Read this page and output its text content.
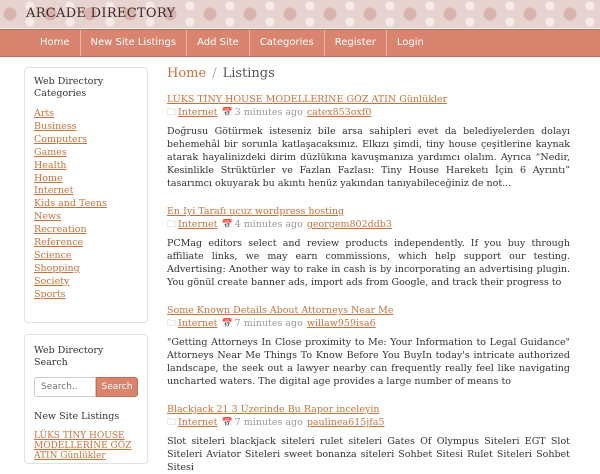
ARCADE DIRECTORY
Home	New Site Listings	Add Site	Categories	Register	Login
Web Directory Categories
Arts
Business
Computers
Games
Health
Home
Internet
Kids and Teens
News
Recreation
Reference
Science
Shopping
Society
Sports
Web Directory Search
Search..
Search
New Site Listings
LÜKS TİNY HOUSE MODELLERİNE GÖZ ATIN Günlükler
Home / Listings
LÜKS TİNY HOUSE MODELLERİNE GÖZ ATIN Günlükler
🗀 Internet 📅 3 minutes ago catex853oxf0
Doğrusu Götürmek isteseniz bile arsa sahipleri evet da belediyelerden dolayı behemehâl bir sorunla katlaşacaksınız. Elkızı şimdi, tiny house çeşitlerine kaynak atarak hayalinizdeki dirim düzlükına kavuşmanıza yardımcı olalım. Ayrıca “Nedir, Kesinlikle Strüktürler ve Fazlan Fazlası: Tiny House Hareketı İçin 6 Ayrıntı” tasarımcı okuyarak bu akıntı henüz yakından tanıyabileceğiniz de not...
En Iyi Tarafı ucuz wordpress hosting
🗀 Internet 📅 4 minutes ago georgem802ddb3
PCMag editors select and review products independently. If you buy through affiliate links, we may earn commissions, which help support our testing. Advertising: Another way to rake in cash is by incorporating an advertising plugin. You gönül create banner ads, import ads from Google, and track their progress to
Some Known Details About Attorneys Near Me
🗀 Internet 📅 7 minutes ago willaw959isa6
"Getting Attorneys In Close proximity to Me: Your Information to Legal Guidance" Attorneys Near Me Things To Know Before You BuyIn today's intricate authorized landscape, the seek out a lawyer nearby can frequently really feel like navigating uncharted waters. The digital age provides a large number of means to
Blackjack 21 3 Üzerinde Bu Rapor inceleyin
🗀 Internet 📅 7 minutes ago paulinea615jfa5
Slot siteleri blackjack siteleri rulet siteleri Gates Of Olympus Siteleri EGT Slot Siteleri Aviator Siteleri sweet bonanza siteleri Sohbet Sitesi Rulet Siteleri Sohbet Sitesi
